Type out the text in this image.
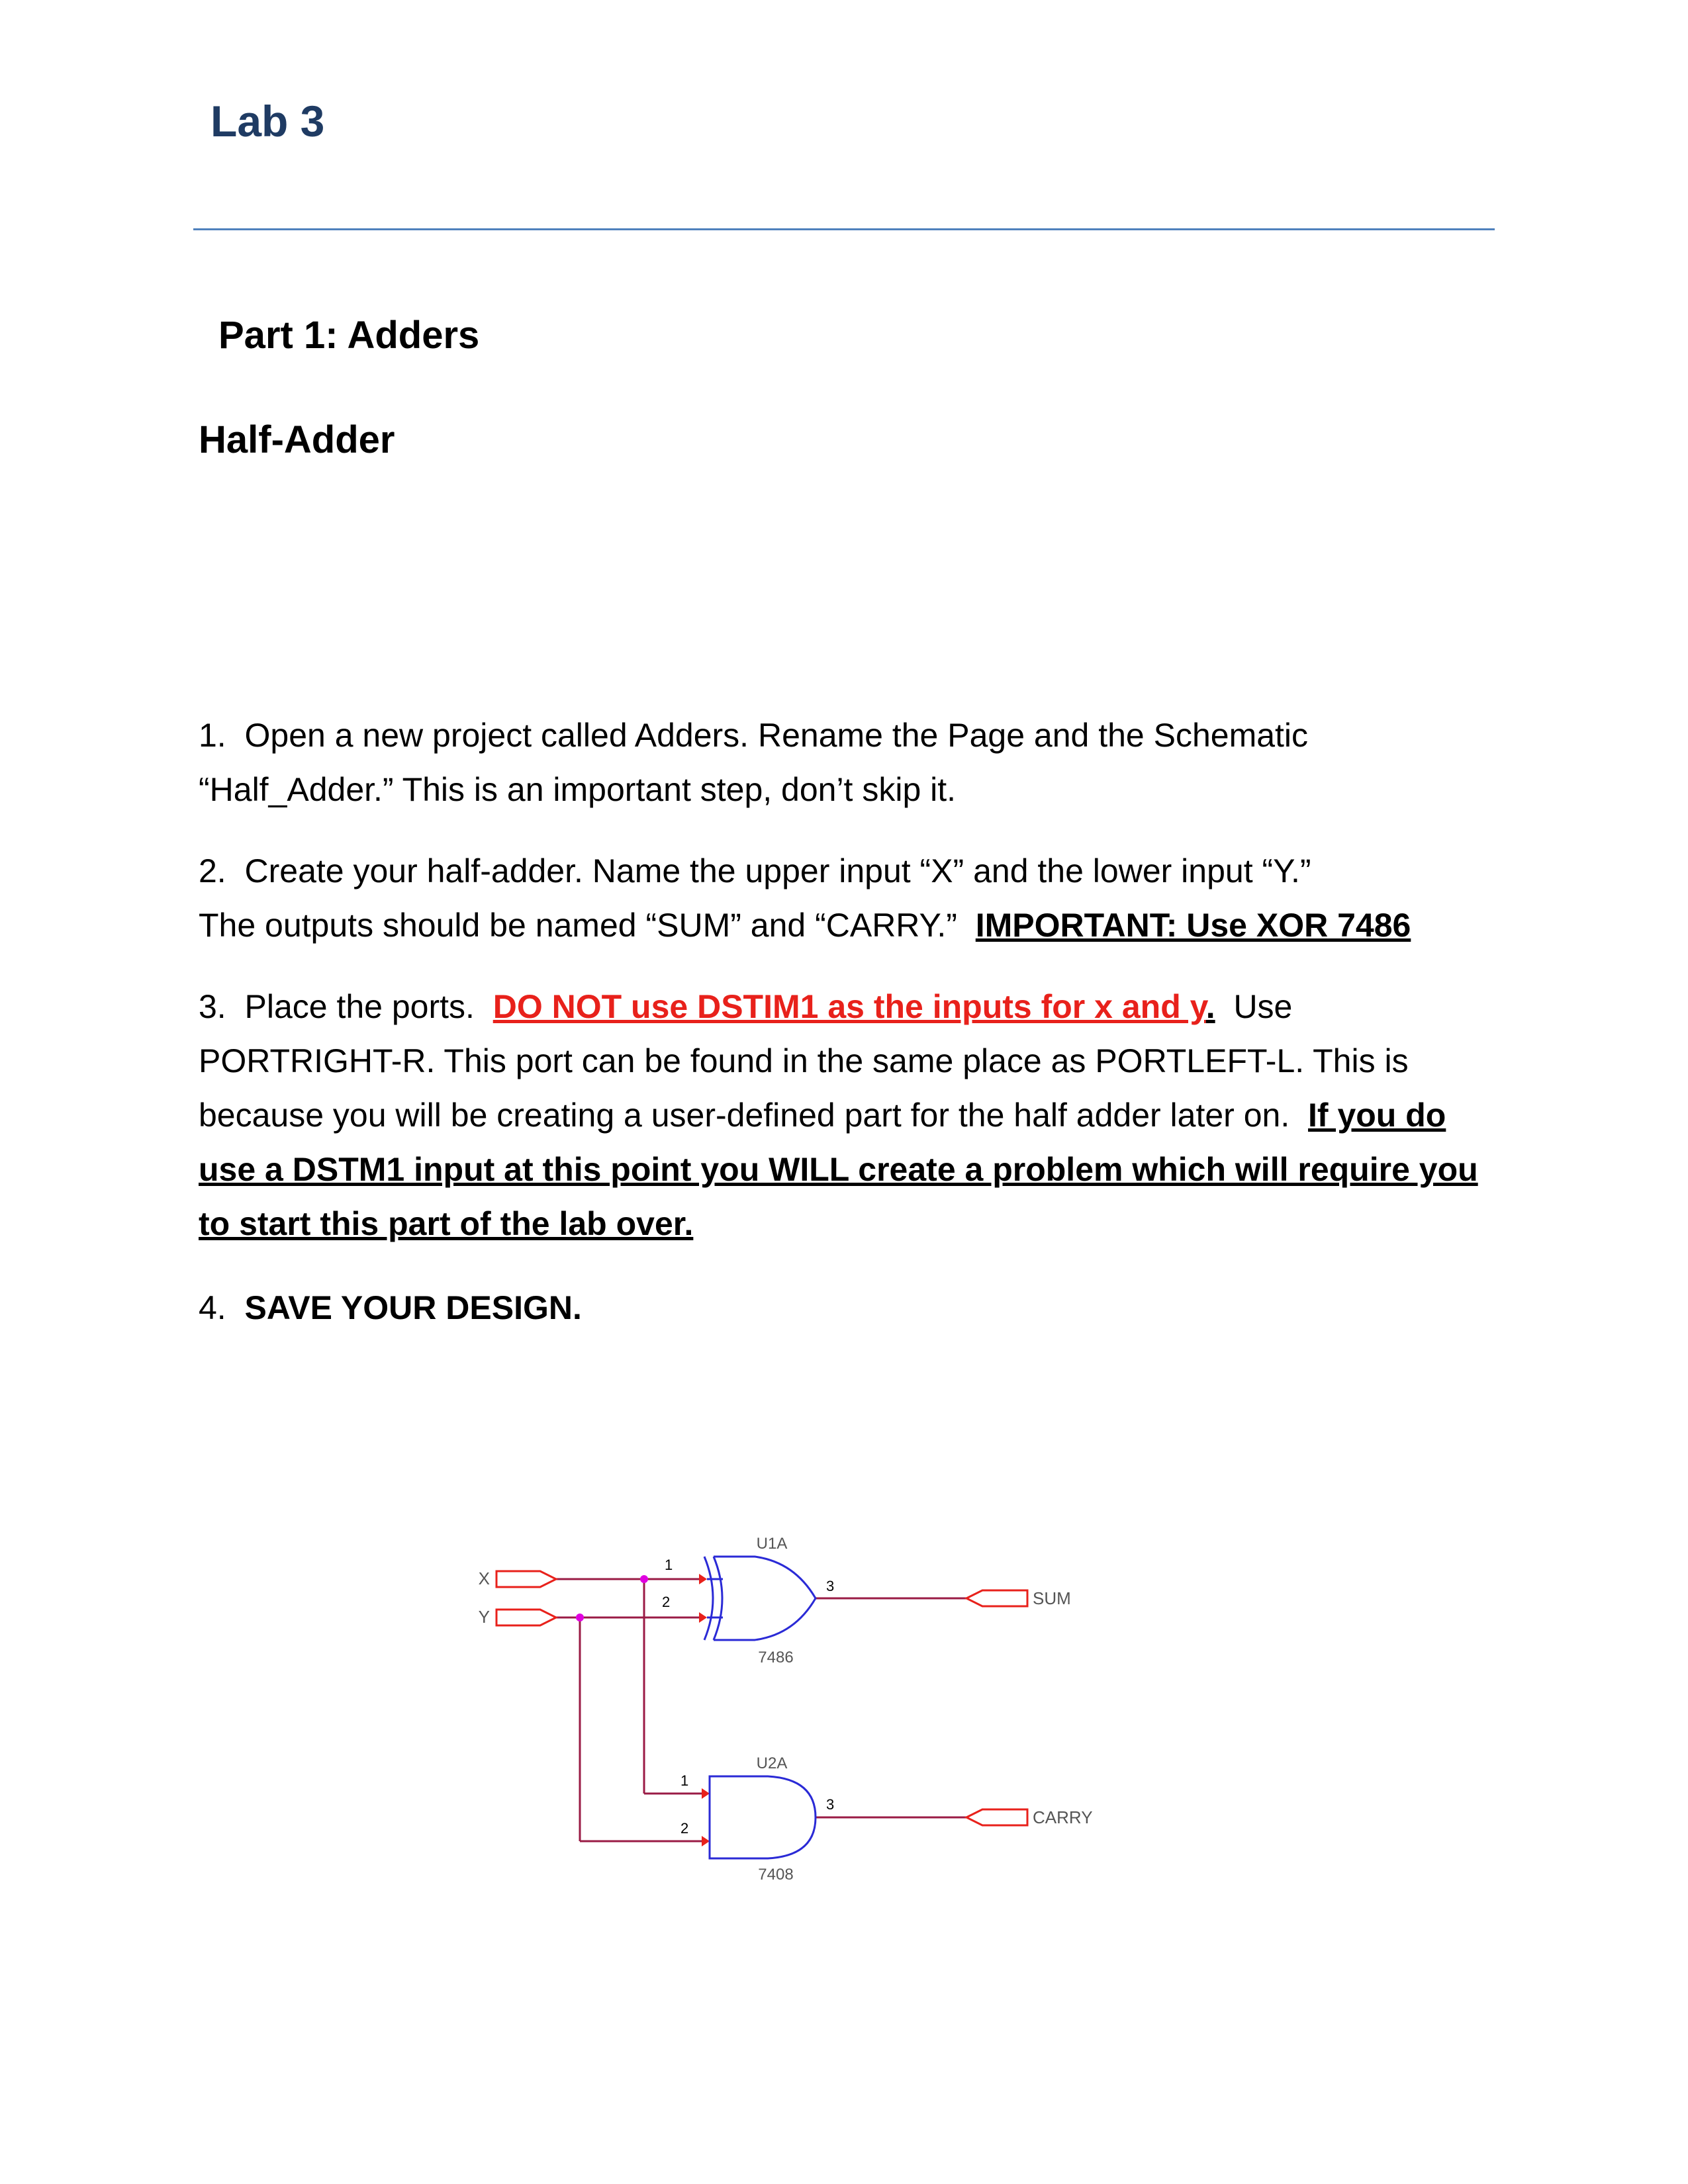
Lab 3
Part 1: Adders
Half-Adder

1. Open a new project called Adders. Rename the Page and the Schematic
“Half_Adder.” This is an important step, don’t skip it.

2. Create your half-adder. Name the upper input “X” and the lower input “Y.”
The outputs should be named “SUM” and “CARRY.” IMPORTANT: Use XOR 7486

3. Place the ports. DO NOT use DSTIM1 as the inputs for x and y. Use
PORTRIGHT-R. This port can be found in the same place as PORTLEFT-L. This is
because you will be creating a user-defined part for the half adder later on. If you do use a DSTM1 input at this point you WILL create a problem which will require you to start this part of the lab over.

4. SAVE YOUR DESIGN.

X
Y
SUM
CARRY
U1A
7486
1
2
3
U2A
7408
1
2
3
